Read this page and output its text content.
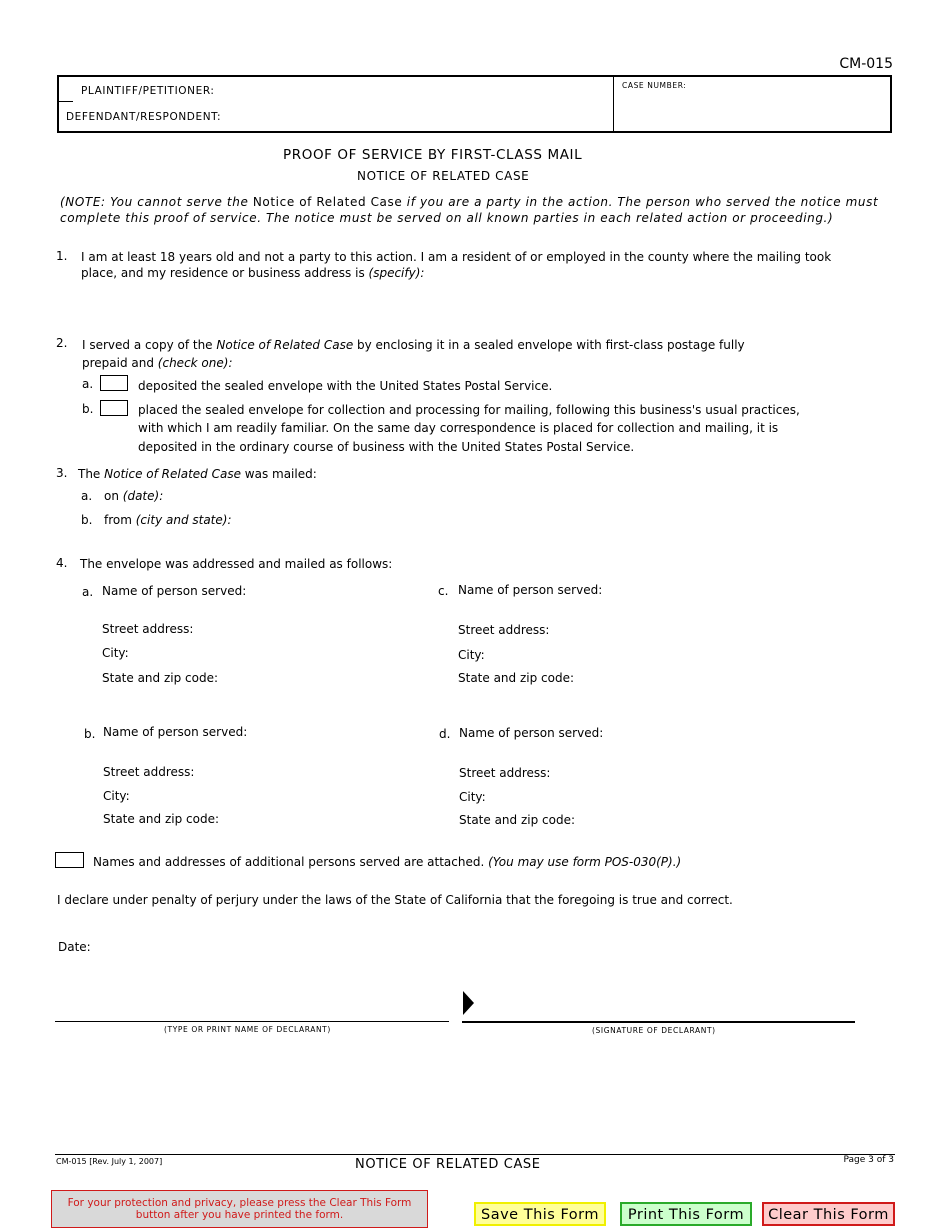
CM-015
PLAINTIFF/PETITIONER:
DEFENDANT/RESPONDENT:
CASE NUMBER:
PROOF OF SERVICE BY FIRST-CLASS MAIL
NOTICE OF RELATED CASE
(NOTE: You cannot serve the Notice of Related Case if you are a party in the action. The person who served the notice must
complete this proof of service. The notice must be served on all known parties in each related action or proceeding.)
1. I am at least 18 years old and not a party to this action. I am a resident of or employed in the county where the mailing took
place, and my residence or business address is (specify):
2. I served a copy of the Notice of Related Case by enclosing it in a sealed envelope with first-class postage fully
prepaid and (check one):
a.	deposited the sealed envelope with the United States Postal Service.
b.	placed the sealed envelope for collection and processing for mailing, following this business's usual practices,
with which I am readily familiar. On the same day correspondence is placed for collection and mailing, it is
deposited in the ordinary course of business with the United States Postal Service.
3. The Notice of Related Case was mailed:
a. on (date):
b. from (city and state):
4. The envelope was addressed and mailed as follows:
a. Name of person served:
Street address:
City:
State and zip code:
c. Name of person served:
Street address:
City:
State and zip code:
b. Name of person served:
Street address:
City:
State and zip code:
d. Name of person served:
Street address:
City:
State and zip code:
Names and addresses of additional persons served are attached. (You may use form POS-030(P).)
I declare under penalty of perjury under the laws of the State of California that the foregoing is true and correct.
Date:
(TYPE OR PRINT NAME OF DECLARANT)	(SIGNATURE OF DECLARANT)
CM-015 [Rev. July 1, 2007]	NOTICE OF RELATED CASE	Page 3 of 3
For your protection and privacy, please press the Clear This Form
button after you have printed the form.	Save This Form	Print This Form	Clear This Form
